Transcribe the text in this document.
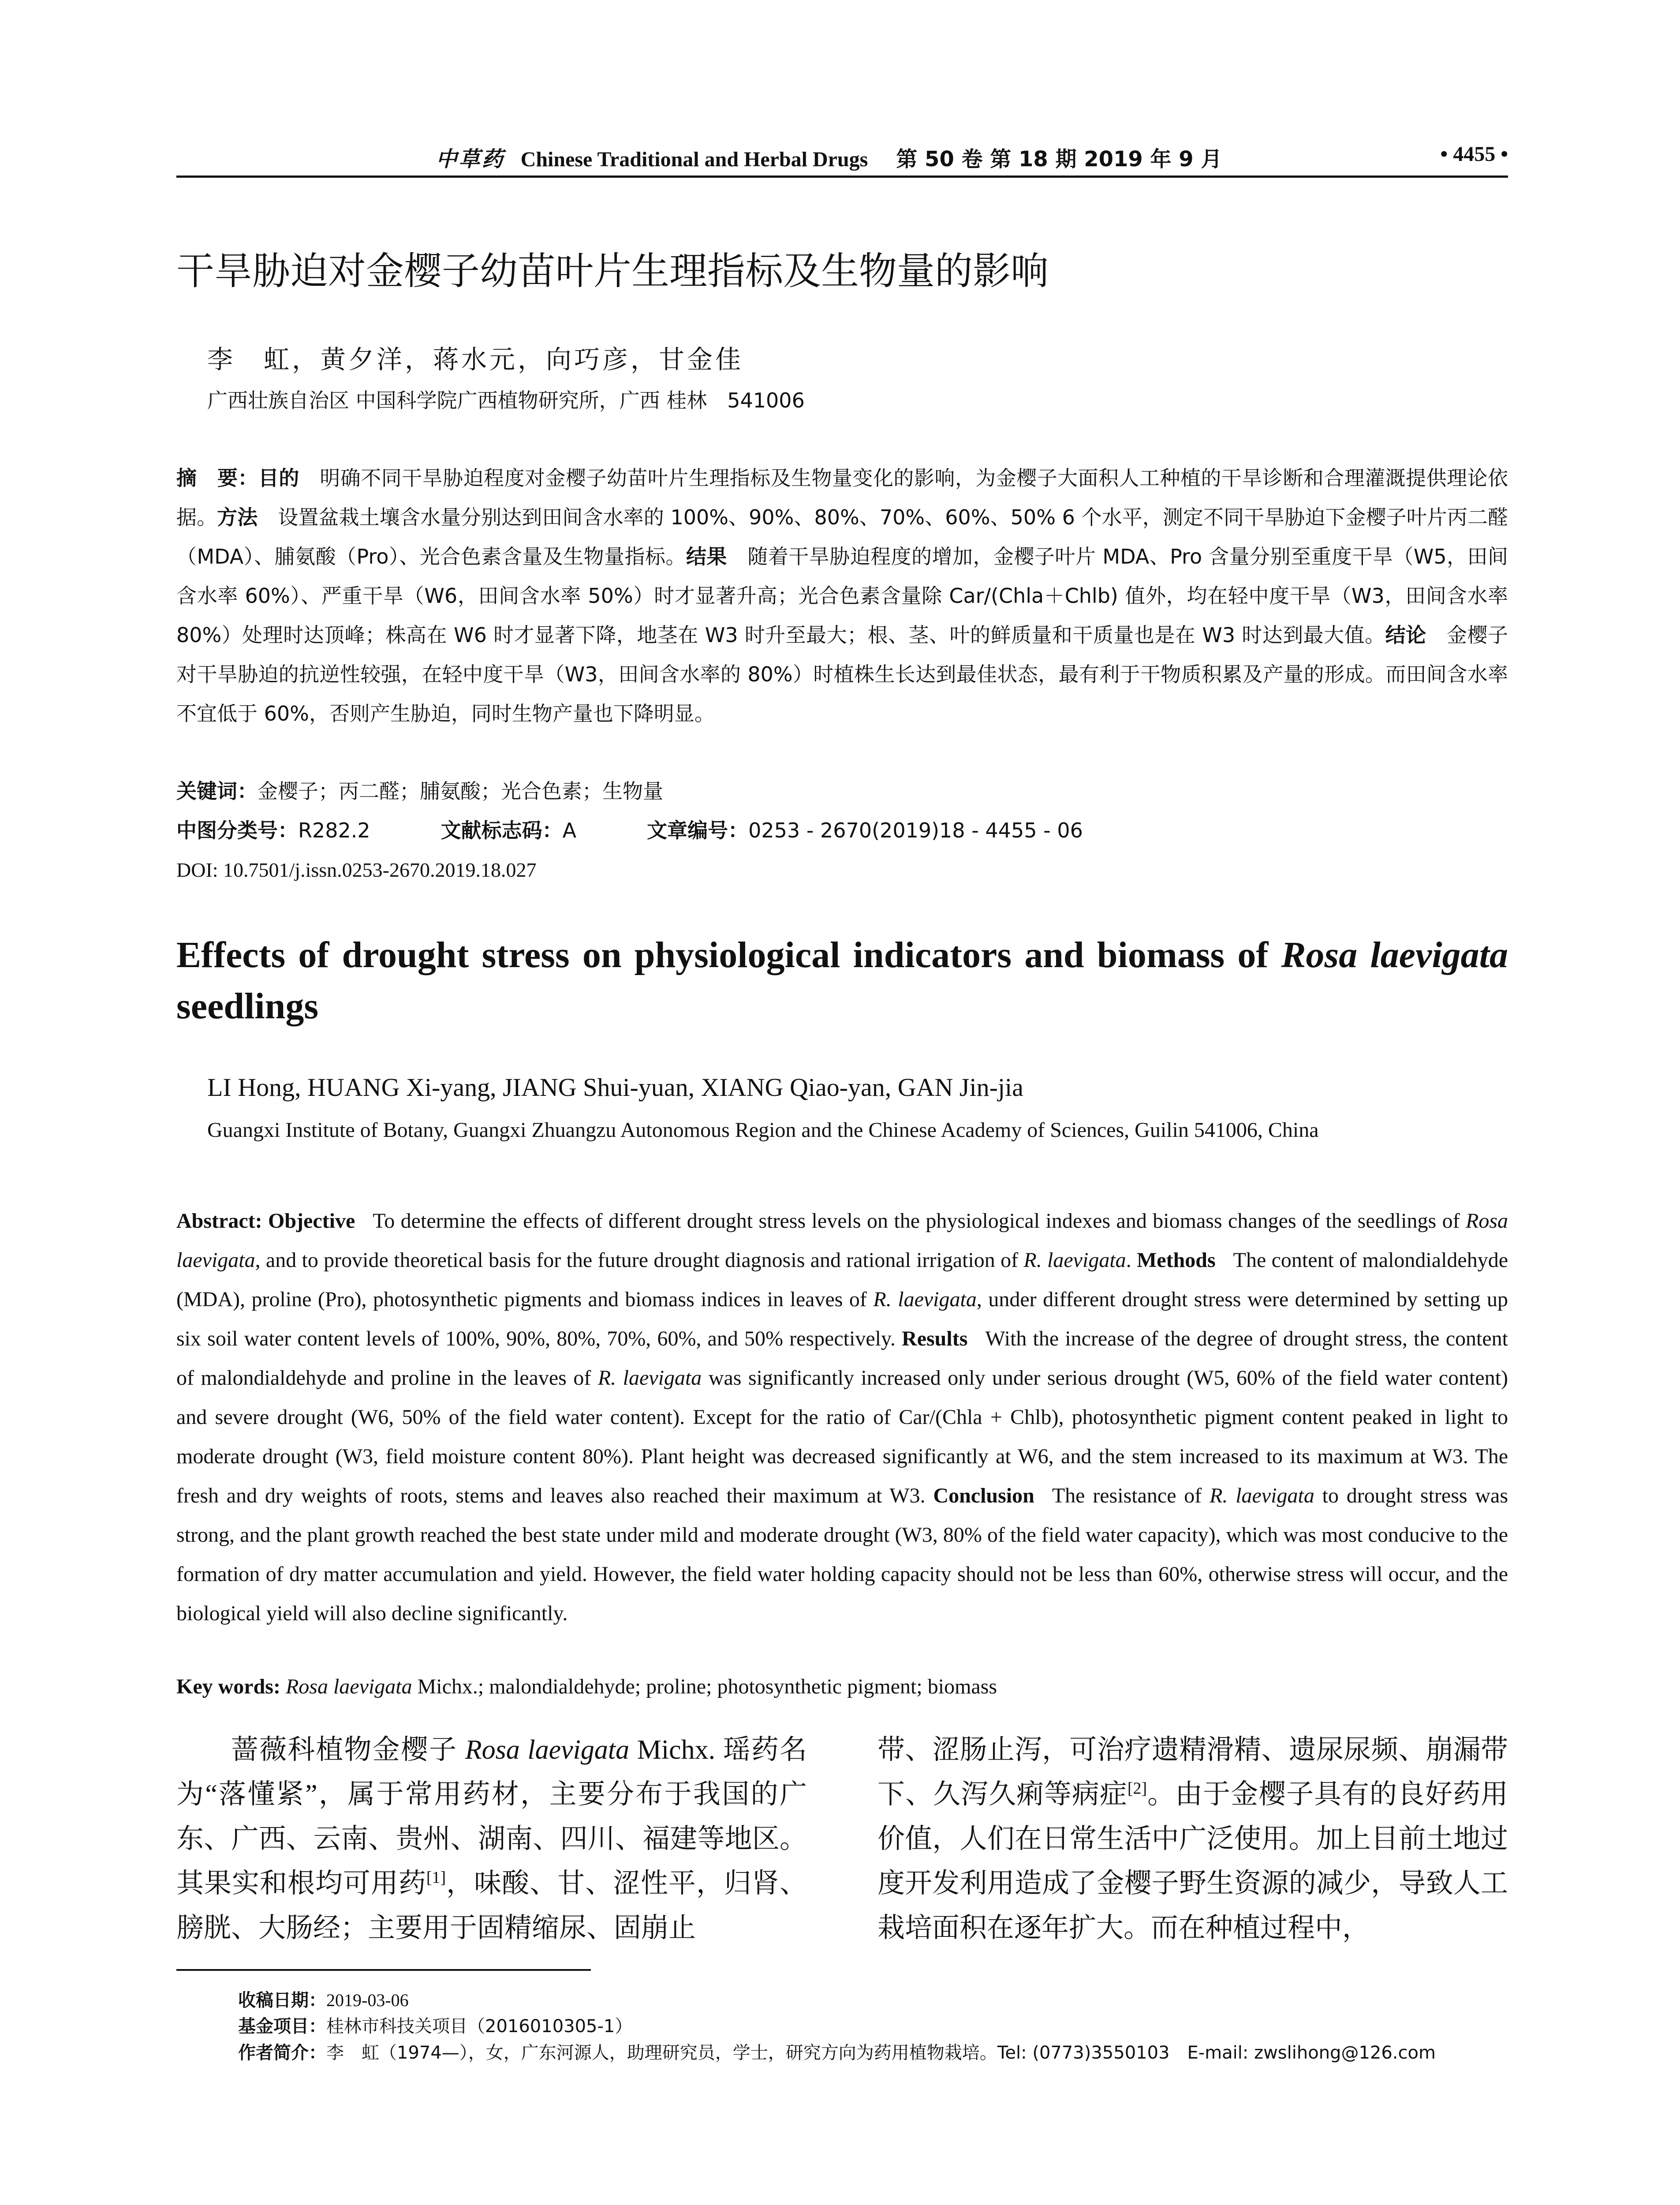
中草药 Chinese Traditional and Herbal Drugs 第 50 卷 第 18 期 2019 年 9 月	• 4455 •
干旱胁迫对金樱子幼苗叶片生理指标及生物量的影响
李　虹，黄夕洋，蒋水元，向巧彦，甘金佳
广西壮族自治区 中国科学院广西植物研究所，广西 桂林　541006
摘　要：目的 明确不同干旱胁迫程度对金樱子幼苗叶片生理指标及生物量变化的影响，为金樱子大面积人工种植的干旱诊断和合理灌溉提供理论依据。方法 设置盆栽土壤含水量分别达到田间含水率的 100%、90%、80%、70%、60%、50% 6 个水平，测定不同干旱胁迫下金樱子叶片丙二醛（MDA）、脯氨酸（Pro）、光合色素含量及生物量指标。结果 随着干旱胁迫程度的增加，金樱子叶片 MDA、Pro 含量分别至重度干旱（W5，田间含水率 60%）、严重干旱（W6，田间含水率 50%）时才显著升高；光合色素含量除 Car/(Chla＋Chlb) 值外，均在轻中度干旱（W3，田间含水率 80%）处理时达顶峰；株高在 W6 时才显著下降，地茎在 W3 时升至最大；根、茎、叶的鲜质量和干质量也是在 W3 时达到最大值。结论 金樱子对干旱胁迫的抗逆性较强，在轻中度干旱（W3，田间含水率的 80%）时植株生长达到最佳状态，最有利于干物质积累及产量的形成。而田间含水率不宜低于 60%，否则产生胁迫，同时生物产量也下降明显。
关键词：金樱子；丙二醛；脯氨酸；光合色素；生物量
中图分类号：R282.2	文献标志码：A	文章编号：0253 - 2670(2019)18 - 4455 - 06
DOI: 10.7501/j.issn.0253-2670.2019.18.027
Effects of drought stress on physiological indicators and biomass of Rosa laevigata seedlings
LI Hong, HUANG Xi-yang, JIANG Shui-yuan, XIANG Qiao-yan, GAN Jin-jia
Guangxi Institute of Botany, Guangxi Zhuangzu Autonomous Region and the Chinese Academy of Sciences, Guilin 541006, China
Abstract: Objective To determine the effects of different drought stress levels on the physiological indexes and biomass changes of the seedlings of Rosa laevigata, and to provide theoretical basis for the future drought diagnosis and rational irrigation of R. laevigata. Methods The content of malondialdehyde (MDA), proline (Pro), photosynthetic pigments and biomass indices in leaves of R. laevigata, under different drought stress were determined by setting up six soil water content levels of 100%, 90%, 80%, 70%, 60%, and 50% respectively. Results With the increase of the degree of drought stress, the content of malondialdehyde and proline in the leaves of R. laevigata was significantly increased only under serious drought (W5, 60% of the field water content) and severe drought (W6, 50% of the field water content). Except for the ratio of Car/(Chla + Chlb), photosynthetic pigment content peaked in light to moderate drought (W3, field moisture content 80%). Plant height was decreased significantly at W6, and the stem increased to its maximum at W3. The fresh and dry weights of roots, stems and leaves also reached their maximum at W3. Conclusion The resistance of R. laevigata to drought stress was strong, and the plant growth reached the best state under mild and moderate drought (W3, 80% of the field water capacity), which was most conducive to the formation of dry matter accumulation and yield. However, the field water holding capacity should not be less than 60%, otherwise stress will occur, and the biological yield will also decline significantly.
Key words: Rosa laevigata Michx.; malondialdehyde; proline; photosynthetic pigment; biomass
蔷薇科植物金樱子 Rosa laevigata Michx. 瑶药名为“落懂紧”，属于常用药材，主要分布于我国的广东、广西、云南、贵州、湖南、四川、福建等地区。其果实和根均可用药[1]，味酸、甘、涩性平，归肾、膀胱、大肠经；主要用于固精缩尿、固崩止
带、涩肠止泻，可治疗遗精滑精、遗尿尿频、崩漏带下、久泻久痢等病症[2]。由于金樱子具有的良好药用价值，人们在日常生活中广泛使用。加上目前土地过度开发利用造成了金樱子野生资源的减少，导致人工栽培面积在逐年扩大。而在种植过程中，
收稿日期：2019-03-06
基金项目：桂林市科技关项目（2016010305-1）
作者简介：李　虹（1974—），女，广东河源人，助理研究员，学士，研究方向为药用植物栽培。Tel: (0773)3550103　E-mail: zwslihong@126.com
